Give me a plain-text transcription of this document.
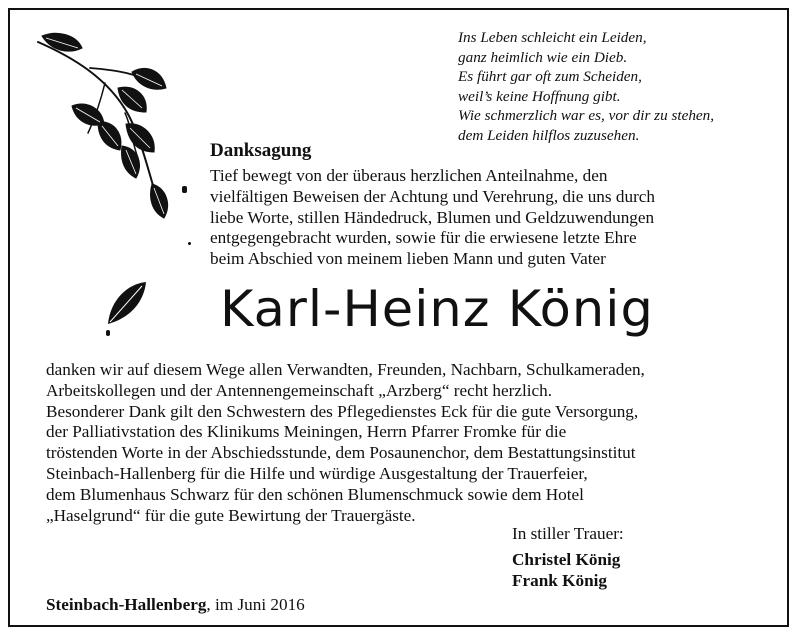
Ins Leben schleicht ein Leiden,
ganz heimlich wie ein Dieb.
Es führt gar oft zum Scheiden,
weil’s keine Hoffnung gibt.
Wie schmerzlich war es, vor dir zu stehen,
dem Leiden hilflos zuzusehen.
Danksagung
Tief bewegt von der überaus herzlichen Anteilnahme, den
vielfältigen Beweisen der Achtung und Verehrung, die uns durch
liebe Worte, stillen Händedruck, Blumen und Geldzuwendungen
entgegengebracht wurden, sowie für die erwiesene letzte Ehre
beim Abschied von meinem lieben Mann und guten Vater
Karl-Heinz König
danken wir auf diesem Wege allen Verwandten, Freunden, Nachbarn, Schulkameraden,
Arbeitskollegen und der Antennengemeinschaft „Arzberg“ recht herzlich.
Besonderer Dank gilt den Schwestern des Pflegedienstes Eck für die gute Versorgung,
der Palliativstation des Klinikums Meiningen, Herrn Pfarrer Fromke für die
tröstenden Worte in der Abschiedsstunde, dem Posaunenchor, dem Bestattungsinstitut
Steinbach-Hallenberg für die Hilfe und würdige Ausgestaltung der Trauerfeier,
dem Blumenhaus Schwarz für den schönen Blumenschmuck sowie dem Hotel
„Haselgrund“ für die gute Bewirtung der Trauergäste.
In stiller Trauer:
Christel König
Frank König
Steinbach-Hallenberg, im Juni 2016
